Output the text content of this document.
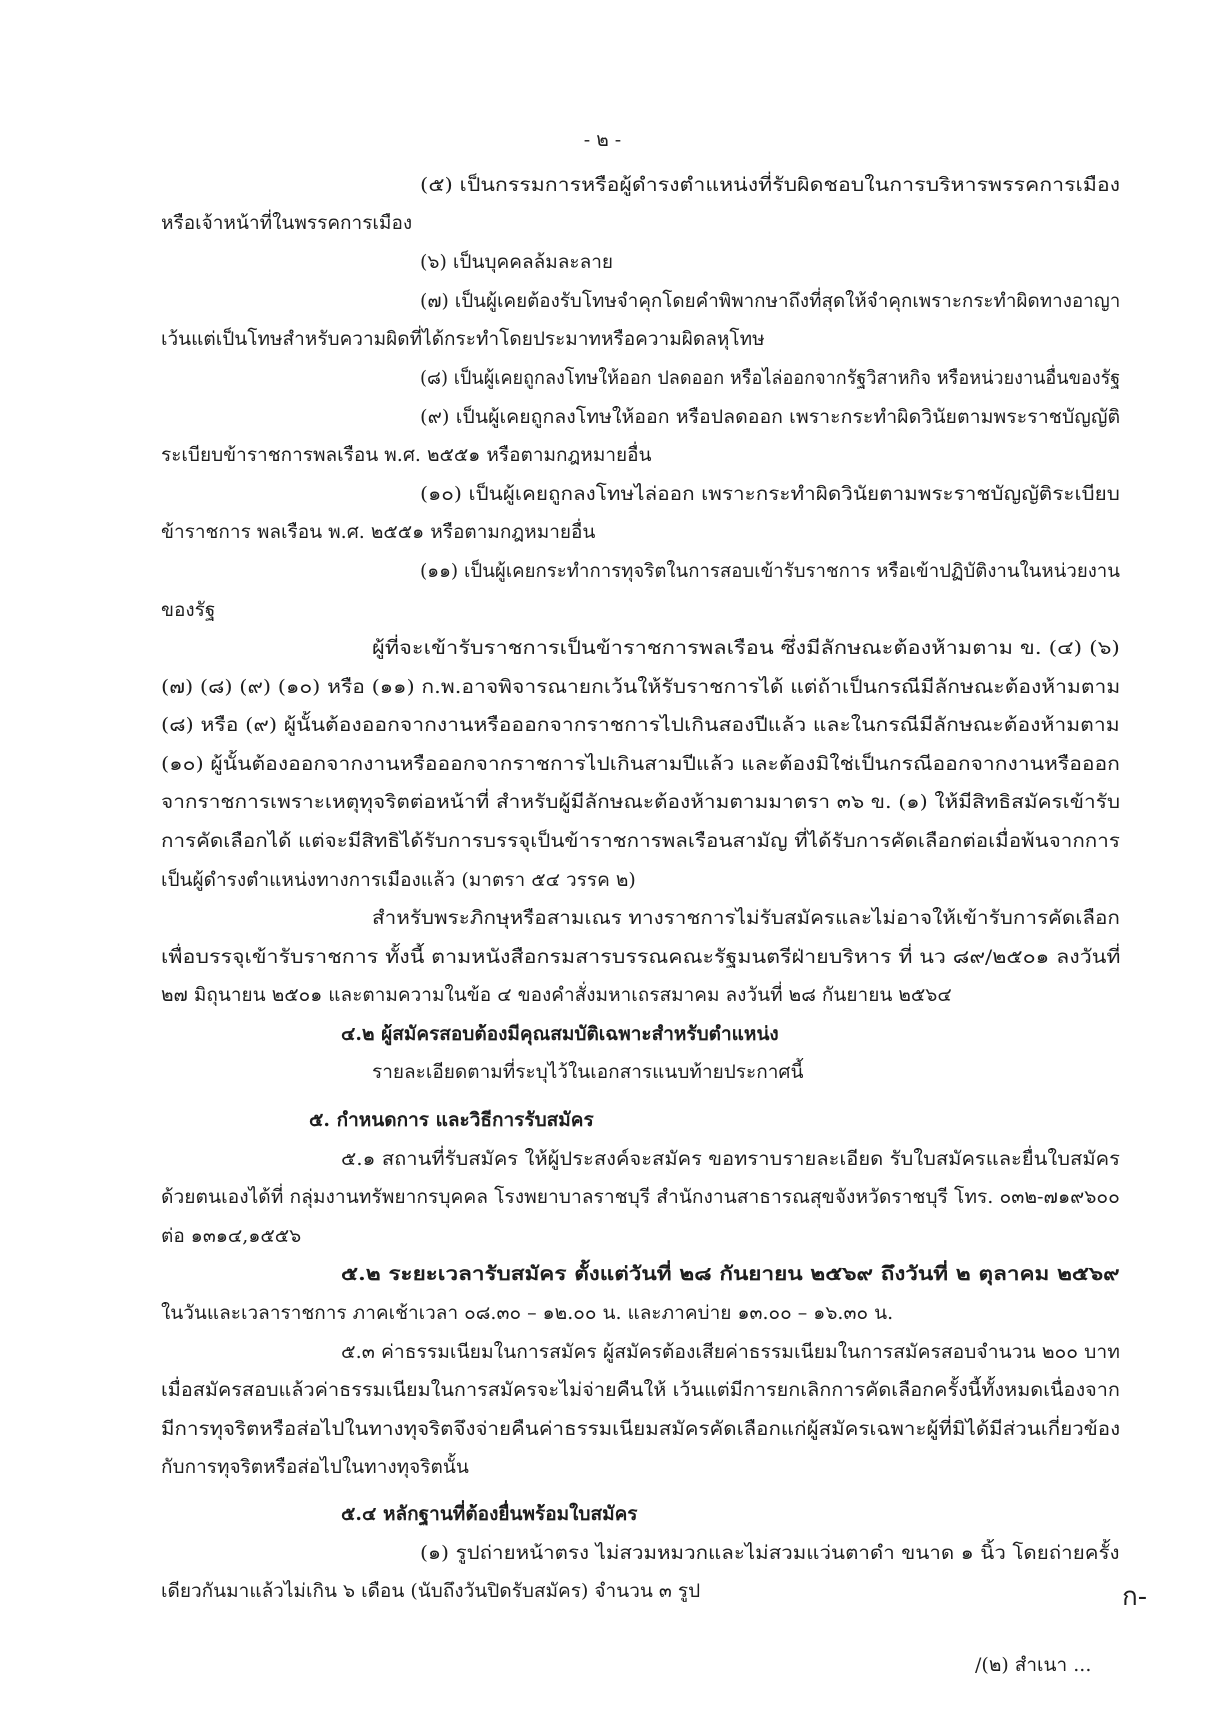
- ๒ -
(๕) เป็นกรรมการหรือผู้ดำรงตำแหน่งที่รับผิดชอบในการบริหารพรรคการเมือง
หรือเจ้าหน้าที่ในพรรคการเมือง
(๖) เป็นบุคคลล้มละลาย
(๗) เป็นผู้เคยต้องรับโทษจำคุกโดยคำพิพากษาถึงที่สุดให้จำคุกเพราะกระทำผิดทางอาญา
เว้นแต่เป็นโทษสำหรับความผิดที่ได้กระทำโดยประมาทหรือความผิดลหุโทษ
(๘) เป็นผู้เคยถูกลงโทษให้ออก ปลดออก หรือไล่ออกจากรัฐวิสาหกิจ หรือหน่วยงานอื่นของรัฐ
(๙) เป็นผู้เคยถูกลงโทษให้ออก หรือปลดออก เพราะกระทำผิดวินัยตามพระราชบัญญัติ
ระเบียบข้าราชการพลเรือน พ.ศ. ๒๕๕๑ หรือตามกฎหมายอื่น
(๑๐) เป็นผู้เคยถูกลงโทษไล่ออก เพราะกระทำผิดวินัยตามพระราชบัญญัติระเบียบ
ข้าราชการ พลเรือน พ.ศ. ๒๕๕๑ หรือตามกฎหมายอื่น
(๑๑) เป็นผู้เคยกระทำการทุจริตในการสอบเข้ารับราชการ หรือเข้าปฏิบัติงานในหน่วยงาน
ของรัฐ
ผู้ที่จะเข้ารับราชการเป็นข้าราชการพลเรือน ซึ่งมีลักษณะต้องห้ามตาม ข. (๔) (๖)
(๗) (๘) (๙) (๑๐) หรือ (๑๑) ก.พ.อาจพิจารณายกเว้นให้รับราชการได้ แต่ถ้าเป็นกรณีมีลักษณะต้องห้ามตาม
(๘) หรือ (๙) ผู้นั้นต้องออกจากงานหรือออกจากราชการไปเกินสองปีแล้ว และในกรณีมีลักษณะต้องห้ามตาม
(๑๐) ผู้นั้นต้องออกจากงานหรือออกจากราชการไปเกินสามปีแล้ว และต้องมิใช่เป็นกรณีออกจากงานหรือออก
จากราชการเพราะเหตุทุจริตต่อหน้าที่ สำหรับผู้มีลักษณะต้องห้ามตามมาตรา ๓๖ ข. (๑) ให้มีสิทธิสมัครเข้ารับ
การคัดเลือกได้ แต่จะมีสิทธิได้รับการบรรจุเป็นข้าราชการพลเรือนสามัญ ที่ได้รับการคัดเลือกต่อเมื่อพ้นจากการ
เป็นผู้ดำรงตำแหน่งทางการเมืองแล้ว (มาตรา ๕๔ วรรค ๒)
สำหรับพระภิกษุหรือสามเณร ทางราชการไม่รับสมัครและไม่อาจให้เข้ารับการคัดเลือก
เพื่อบรรจุเข้ารับราชการ ทั้งนี้ ตามหนังสือกรมสารบรรณคณะรัฐมนตรีฝ่ายบริหาร ที่ นว ๘๙/๒๕๐๑ ลงวันที่
๒๗ มิถุนายน ๒๕๐๑ และตามความในข้อ ๔ ของคำสั่งมหาเถรสมาคม ลงวันที่ ๒๘ กันยายน ๒๕๖๔
๔.๒ ผู้สมัครสอบต้องมีคุณสมบัติเฉพาะสำหรับตำแหน่ง
รายละเอียดตามที่ระบุไว้ในเอกสารแนบท้ายประกาศนี้
๕. กำหนดการ และวิธีการรับสมัคร
๕.๑ สถานที่รับสมัคร ให้ผู้ประสงค์จะสมัคร ขอทราบรายละเอียด รับใบสมัครและยื่นใบสมัคร
ด้วยตนเองได้ที่ กลุ่มงานทรัพยากรบุคคล โรงพยาบาลราชบุรี สำนักงานสาธารณสุขจังหวัดราชบุรี โทร. ๐๓๒-๗๑๙๖๐๐
ต่อ ๑๓๑๔,๑๕๕๖
๕.๒ ระยะเวลารับสมัคร ตั้งแต่วันที่ ๒๘ กันยายน ๒๕๖๙ ถึงวันที่ ๒ ตุลาคม ๒๕๖๙
ในวันและเวลาราชการ ภาคเช้าเวลา ๐๘.๓๐ – ๑๒.๐๐ น. และภาคบ่าย ๑๓.๐๐ – ๑๖.๓๐ น.
๕.๓ ค่าธรรมเนียมในการสมัคร ผู้สมัครต้องเสียค่าธรรมเนียมในการสมัครสอบจำนวน ๒๐๐ บาท
เมื่อสมัครสอบแล้วค่าธรรมเนียมในการสมัครจะไม่จ่ายคืนให้ เว้นแต่มีการยกเลิกการคัดเลือกครั้งนี้ทั้งหมดเนื่องจาก
มีการทุจริตหรือส่อไปในทางทุจริตจึงจ่ายคืนค่าธรรมเนียมสมัครคัดเลือกแก่ผู้สมัครเฉพาะผู้ที่มิได้มีส่วนเกี่ยวข้อง
กับการทุจริตหรือส่อไปในทางทุจริตนั้น
๕.๔ หลักฐานที่ต้องยื่นพร้อมใบสมัคร
(๑) รูปถ่ายหน้าตรง ไม่สวมหมวกและไม่สวมแว่นตาดำ ขนาด ๑ นิ้ว โดยถ่ายครั้ง
เดียวกันมาแล้วไม่เกิน ๖ เดือน (นับถึงวันปิดรับสมัคร) จำนวน ๓ รูป
/(๒) สำเนา ...
ก-
